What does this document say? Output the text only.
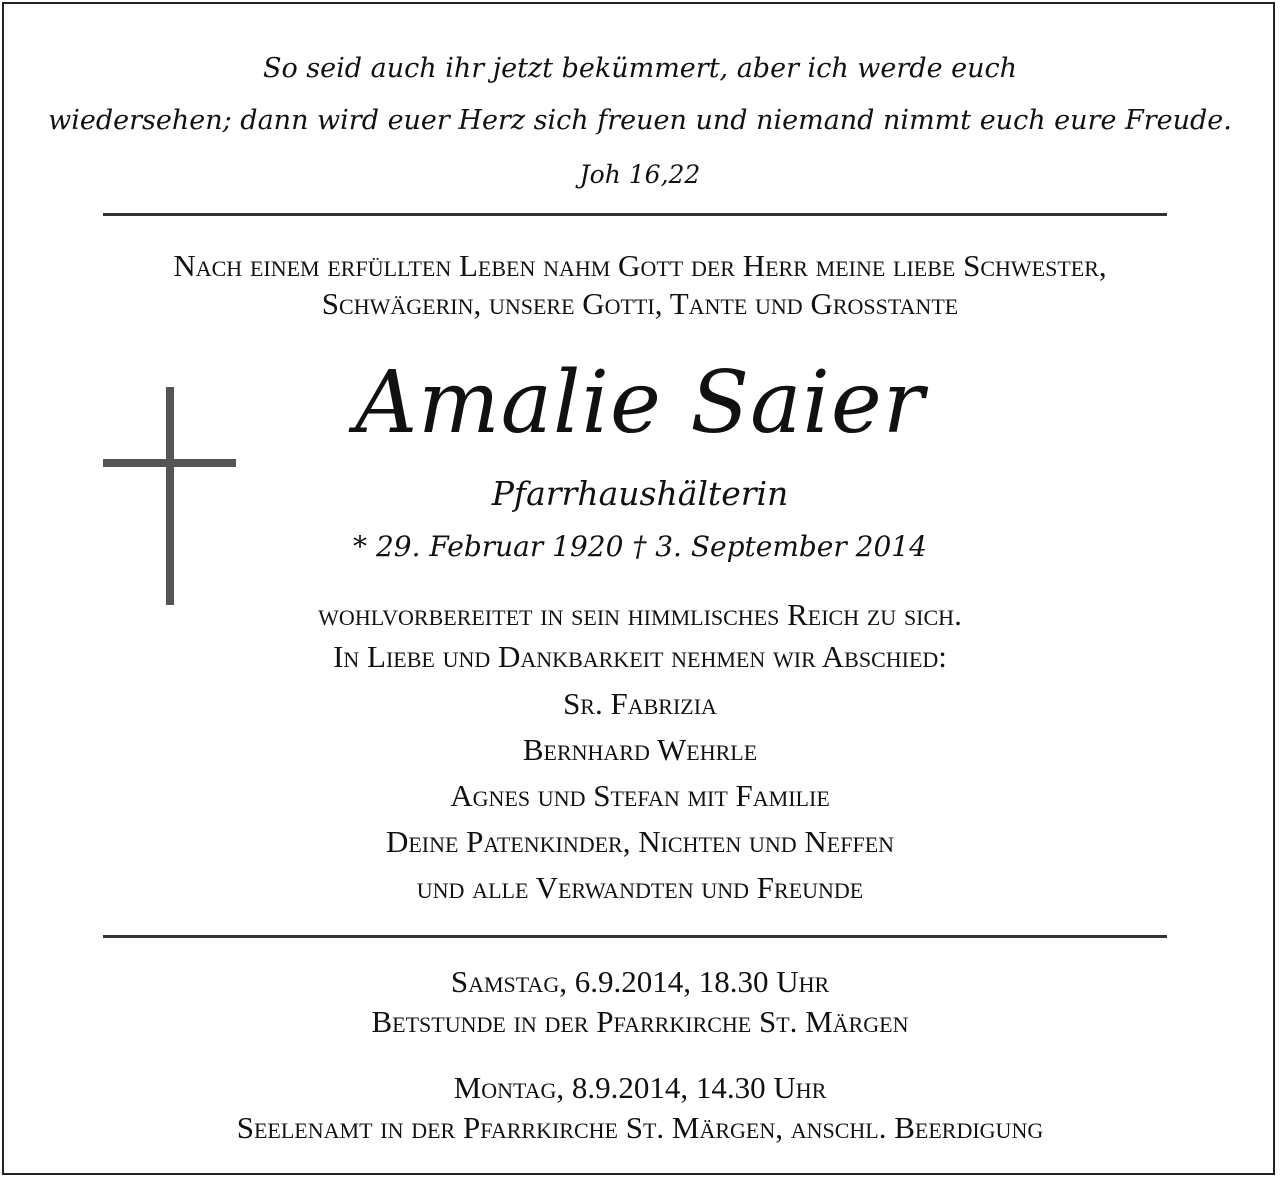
So seid auch ihr jetzt bekümmert, aber ich werde euch
wiedersehen; dann wird euer Herz sich freuen und niemand nimmt euch eure Freude.
Joh 16,22
Nach einem erfüllten Leben nahm Gott der Herr meine liebe Schwester,
Schwägerin, unsere Gotti, Tante und Grosstante
Amalie Saier
Pfarrhaushälterin
* 29. Februar 1920 † 3. September 2014
wohlvorbereitet in sein himmlisches Reich zu sich.
In Liebe und Dankbarkeit nehmen wir Abschied:
Sr. Fabrizia
Bernhard Wehrle
Agnes und Stefan mit Familie
Deine Patenkinder, Nichten und Neffen
und alle Verwandten und Freunde
Samstag, 6.9.2014, 18.30 Uhr
Betstunde in der Pfarrkirche St. Märgen
Montag, 8.9.2014, 14.30 Uhr
Seelenamt in der Pfarrkirche St. Märgen, anschl. Beerdigung
